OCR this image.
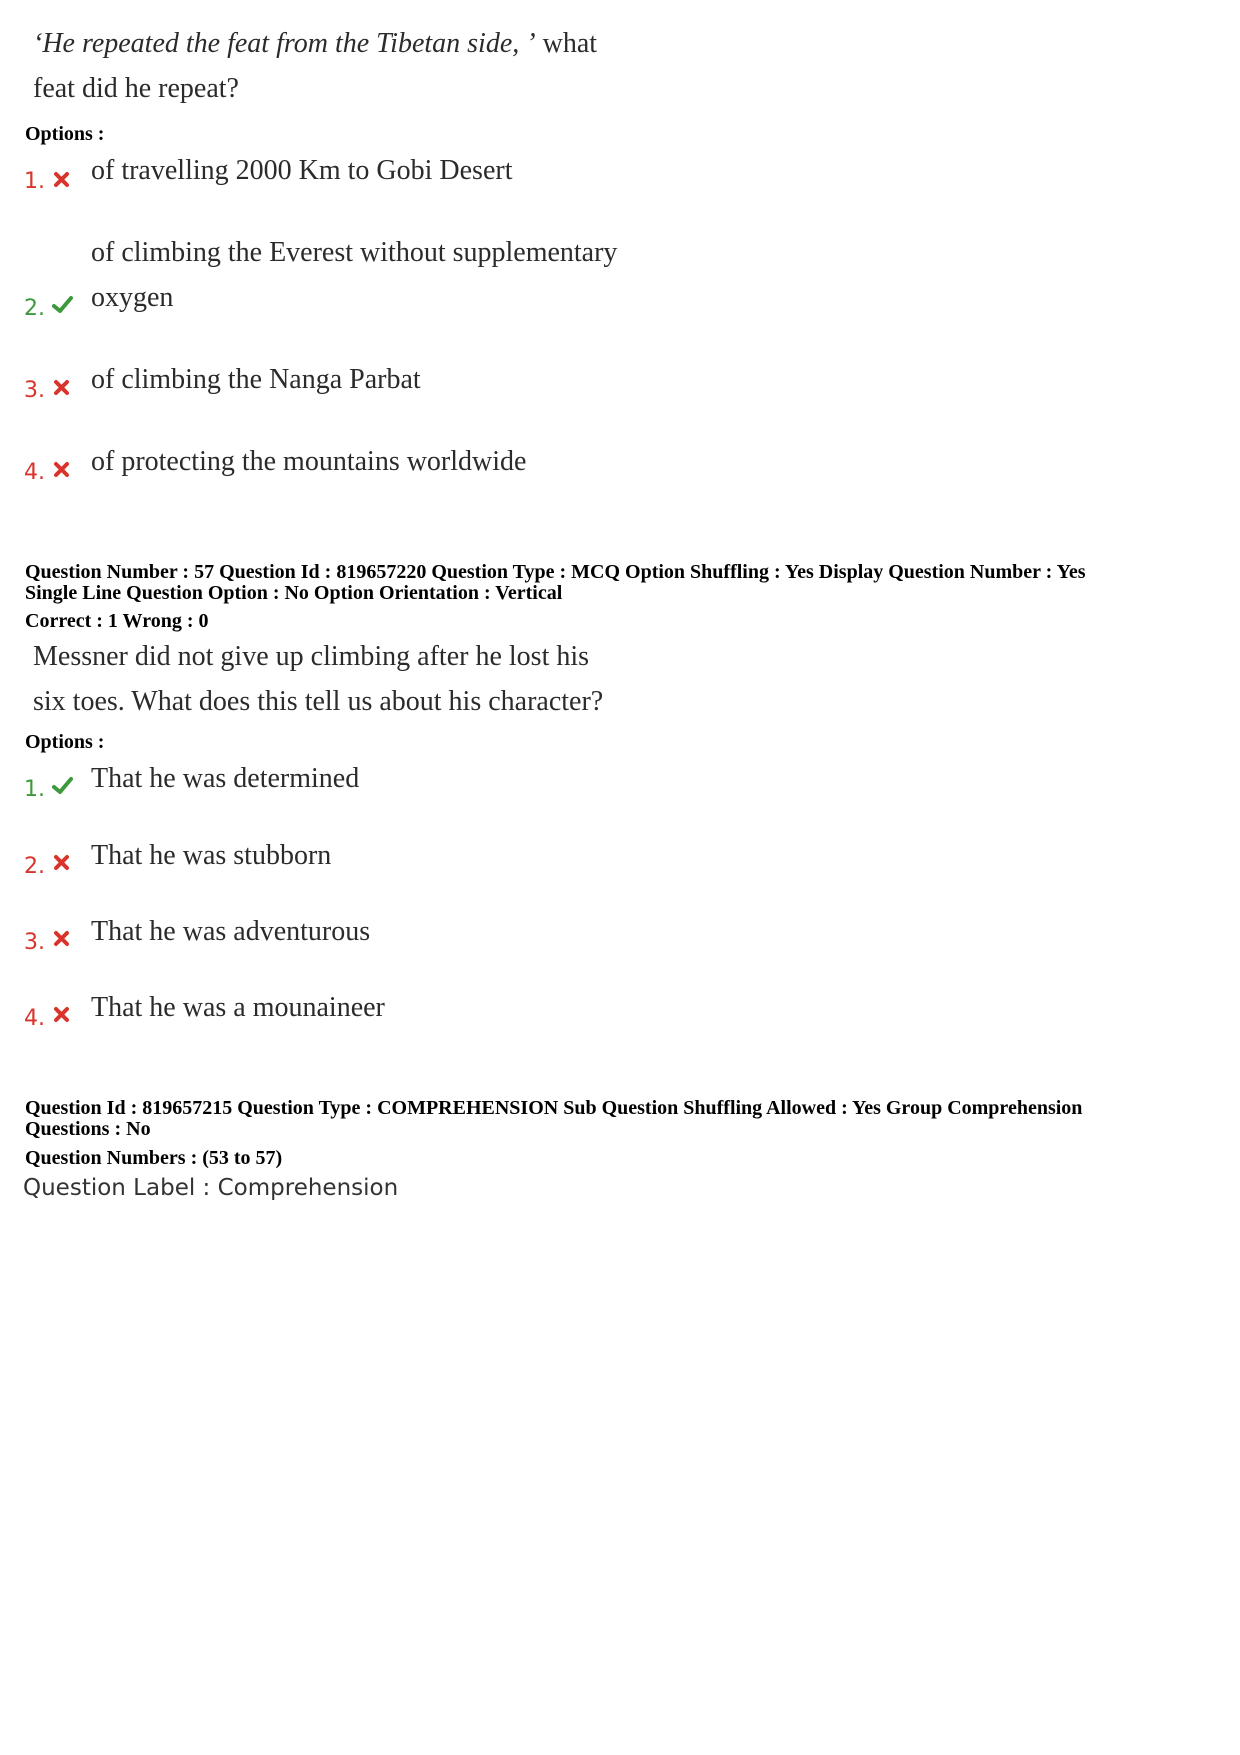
‘He repeated the feat from the Tibetan side, ’ what
feat did he repeat?
Options :
1. of travelling 2000 Km to Gobi Desert
2.
of climbing the Everest without supplementary
oxygen
3. of climbing the Nanga Parbat
4. of protecting the mountains worldwide
Question Number : 57 Question Id : 819657220 Question Type : MCQ Option Shuffling : Yes Display Question Number : Yes
Single Line Question Option : No Option Orientation : Vertical
Correct : 1 Wrong : 0
Messner did not give up climbing after he lost his
six toes. What does this tell us about his character?
Options :
1. That he was determined
2. That he was stubborn
3. That he was adventurous
4. That he was a mounaineer
Question Id : 819657215 Question Type : COMPREHENSION Sub Question Shuffling Allowed : Yes Group Comprehension
Questions : No
Question Numbers : (53 to 57)
Question Label : Comprehension
